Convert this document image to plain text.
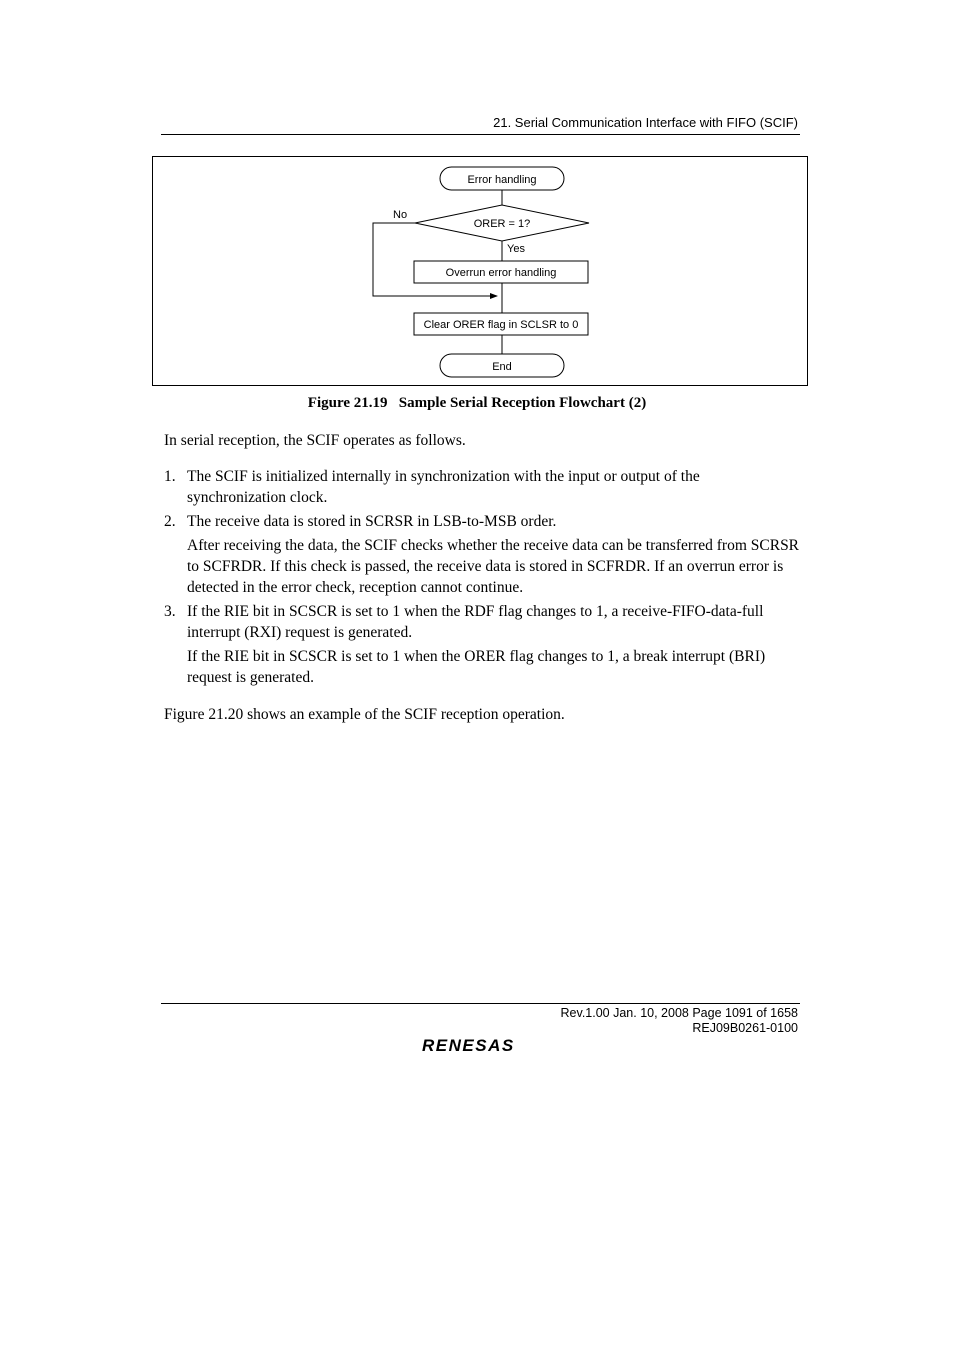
21. Serial Communication Interface with FIFO (SCIF)
Error handling
ORER = 1?
No
Yes
Overrun error handling
Clear ORER flag in SCLSR to 0
End
Figure 21.19   Sample Serial Reception Flowchart (2)
In serial reception, the SCIF operates as follows.
1. The SCIF is initialized internally in synchronization with the input or output of the synchronization clock.
2. The receive data is stored in SCRSR in LSB-to-MSB order.
After receiving the data, the SCIF checks whether the receive data can be transferred from SCRSR to SCFRDR. If this check is passed, the receive data is stored in SCFRDR. If an overrun error is detected in the error check, reception cannot continue.
3. If the RIE bit in SCSCR is set to 1 when the RDF flag changes to 1, a receive-FIFO-data-full interrupt (RXI) request is generated.
If the RIE bit in SCSCR is set to 1 when the ORER flag changes to 1, a break interrupt (BRI) request is generated.
Figure 21.20 shows an example of the SCIF reception operation.
Rev.1.00 Jan. 10, 2008 Page 1091 of 1658
REJ09B0261-0100
RENESAS
